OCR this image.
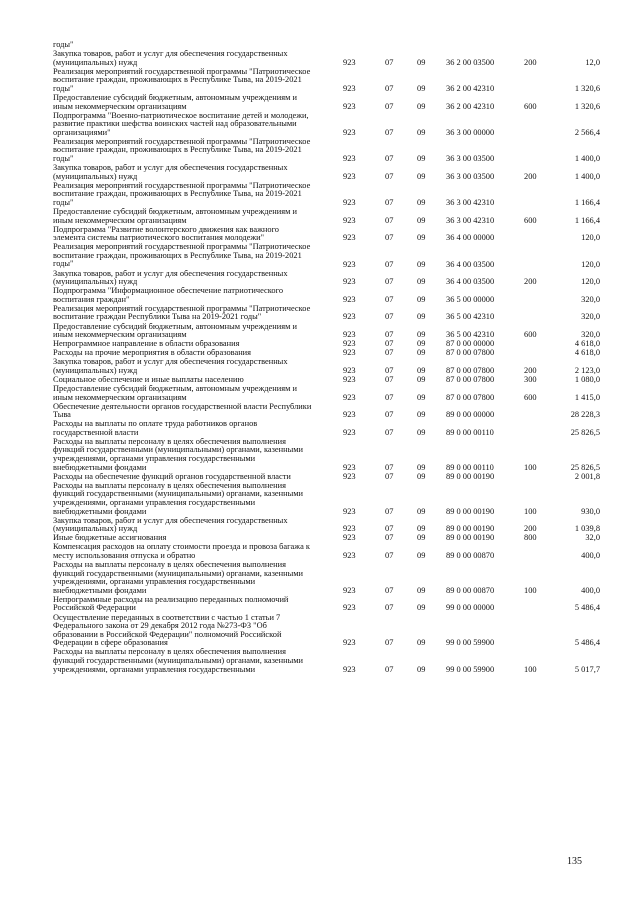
годы"
Закупка товаров, работ и услуг для обеспечения государственных
(муниципальных) нужд	923	07	09 36 2 00 03500	200	12,0
Реализация мероприятий государственной программы "Патриотическое
воспитание граждан, проживающих в Республике Тыва, на 2019-2021
годы"	923	07	09 36 2 00 42310	1 320,6
Предоставление субсидий бюджетным, автономным учреждениям и
иным некоммерческим организациям	923	07	09 36 2 00 42310	600	1 320,6
Подпрограмма "Военно-патриотическое воспитание детей и молодежи,
развитие практики шефства воинских частей над образовательными
организациями"	923	07	09 36 3 00 00000	2 566,4
Реализация мероприятий государственной программы "Патриотическое
воспитание граждан, проживающих в Республике Тыва, на 2019-2021
годы"	923	07	09 36 3 00 03500	1 400,0
Закупка товаров, работ и услуг для обеспечения государственных
(муниципальных) нужд	923	07	09 36 3 00 03500	200	1 400,0
Реализация мероприятий государственной программы "Патриотическое
воспитание граждан, проживающих в Республике Тыва, на 2019-2021
годы"	923	07	09 36 3 00 42310	1 166,4
Предоставление субсидий бюджетным, автономным учреждениям и
иным некоммерческим организациям	923	07	09 36 3 00 42310	600	1 166,4
Подпрограмма "Развитие волонтерского движения как важного
элемента системы патриотического воспитания молодежи"	923	07	09 36 4 00 00000	120,0
Реализация мероприятий государственной программы "Патриотическое
воспитание граждан, проживающих в Республике Тыва, на 2019-2021
годы"	923	07	09 36 4 00 03500	120,0
Закупка товаров, работ и услуг для обеспечения государственных
(муниципальных) нужд	923	07	09 36 4 00 03500	200	120,0
Подпрограмма "Информационное обеспечение патриотического
воспитания граждан"	923	07	09 36 5 00 00000	320,0
Реализация мероприятий государственной программы "Патриотическое
воспитание граждан Республики Тыва на 2019-2021 годы"	923	07	09 36 5 00 42310	320,0
Предоставление субсидий бюджетным, автономным учреждениям и
иным некоммерческим организациям	923	07	09 36 5 00 42310	600	320,0
Непрограммное направление в области образования	923	07	09 87 0 00 00000	4 618,0
Расходы на прочие мероприятия в области образования	923	07	09 87 0 00 07800	4 618,0
Закупка товаров, работ и услуг для обеспечения государственных
(муниципальных) нужд	923	07	09 87 0 00 07800	200	2 123,0
Социальное обеспечение и иные выплаты населению	923	07	09 87 0 00 07800	300	1 080,0
Предоставление субсидий бюджетным, автономным учреждениям и
иным некоммерческим организациям	923	07	09 87 0 00 07800	600	1 415,0
Обеспечение деятельности органов государственной власти Республики
Тыва	923	07	09 89 0 00 00000	28 228,3
Расходы на выплаты по оплате труда работников органов
государственной власти	923	07	09 89 0 00 00110	25 826,5
Расходы на выплаты персоналу в целях обеспечения выполнения
функций государственными (муниципальными) органами, казенными
учреждениями, органами управления государственными
внебюджетными фондами	923	07	09 89 0 00 00110	100	25 826,5
Расходы на обеспечение функций органов государственной власти	923	07	09 89 0 00 00190	2 001,8
Расходы на выплаты персоналу в целях обеспечения выполнения
функций государственными (муниципальными) органами, казенными
учреждениями, органами управления государственными
внебюджетными фондами	923	07	09 89 0 00 00190	100	930,0
Закупка товаров, работ и услуг для обеспечения государственных
(муниципальных) нужд	923	07	09 89 0 00 00190	200	1 039,8
Иные бюджетные ассигнования	923	07	09 89 0 00 00190	800	32,0
Компенсация расходов на оплату стоимости проезда и провоза багажа к
месту использования отпуска и обратно	923	07	09 89 0 00 00870	400,0
Расходы на выплаты персоналу в целях обеспечения выполнения
функций государственными (муниципальными) органами, казенными
учреждениями, органами управления государственными
внебюджетными фондами	923	07	09 89 0 00 00870	100	400,0
Непрограммные расходы на реализацию переданных полномочий
Российской Федерации	923	07	09 99 0 00 00000	5 486,4
Осуществление переданных в соответствии с частью 1 статьи 7
Федерального закона от 29 декабря 2012 года №273-ФЗ "Об
образовании в Российской Федерации" полномочий Российской
Федерации в сфере образования	923	07	09 99 0 00 59900	5 486,4
Расходы на выплаты персоналу в целях обеспечения выполнения
функций государственными (муниципальными) органами, казенными
учреждениями, органами управления государственными	923	07	09 99 0 00 59900	100	5 017,7
135
